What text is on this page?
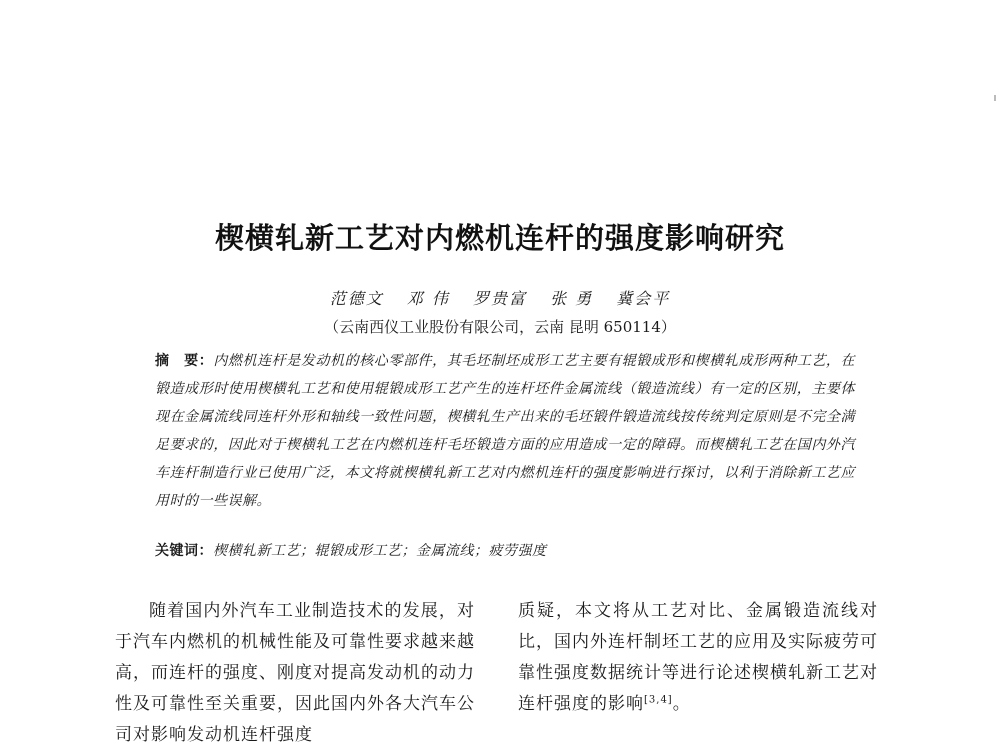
楔横轧新工艺对内燃机连杆的强度影响研究
范德文 邓 伟 罗贵富 张 勇 冀会平
（云南西仪工业股份有限公司，云南 昆明 650114）
摘　要：内燃机连杆是发动机的核心零部件，其毛坯制坯成形工艺主要有辊锻成形和楔横轧成形两种工艺，在锻造成形时使用楔横轧工艺和使用辊锻成形工艺产生的连杆坯件金属流线（锻造流线）有一定的区别，主要体现在金属流线同连杆外形和轴线一致性问题，楔横轧生产出来的毛坯锻件锻造流线按传统判定原则是不完全满足要求的，因此对于楔横轧工艺在内燃机连杆毛坯锻造方面的应用造成一定的障碍。而楔横轧工艺在国内外汽车连杆制造行业已使用广泛，本文将就楔横轧新工艺对内燃机连杆的强度影响进行探讨，以利于消除新工艺应用时的一些误解。
关键词：楔横轧新工艺；辊锻成形工艺；金属流线；疲劳强度
随着国内外汽车工业制造技术的发展，对于汽车内燃机的机械性能及可靠性要求越来越高，而连杆的强度、刚度对提高发动机的动力性及可靠性至关重要，因此国内外各大汽车公司对影响发动机连杆强度
质疑，本文将从工艺对比、金属锻造流线对比，国内外连杆制坯工艺的应用及实际疲劳可靠性强度数据统计等进行论述楔横轧新工艺对连杆强度的影响[3,4]。
